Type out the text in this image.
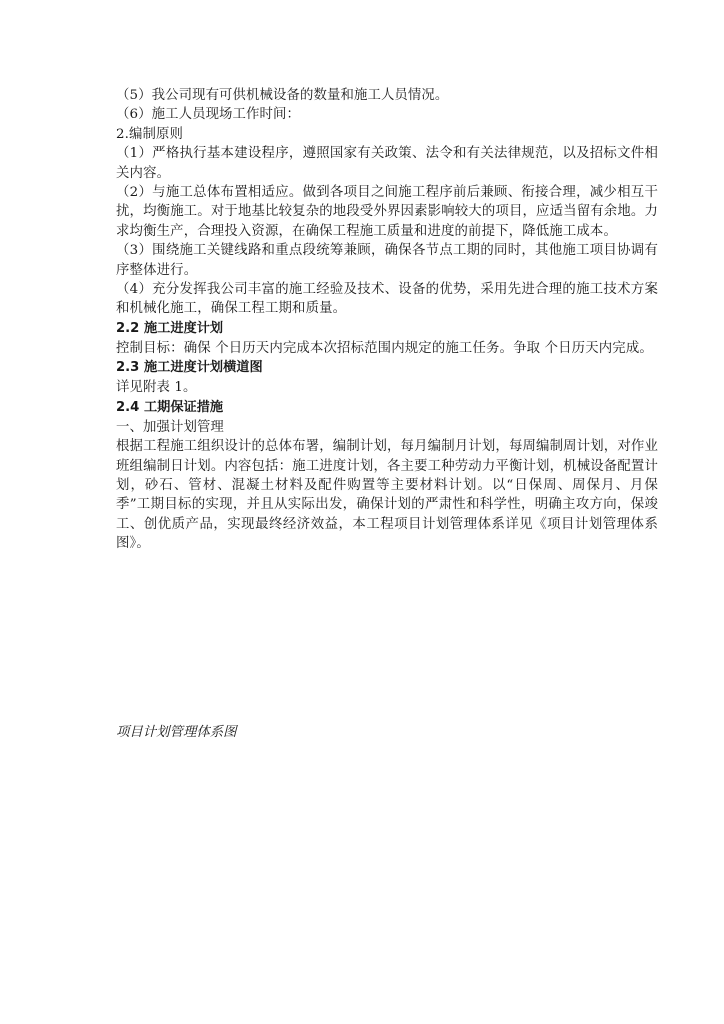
（5）我公司现有可供机械设备的数量和施工人员情况。
（6）施工人员现场工作时间：
2.编制原则
（1）严格执行基本建设程序，遵照国家有关政策、法令和有关法律规范，以及招标文件相关内容。
（2）与施工总体布置相适应。做到各项目之间施工程序前后兼顾、衔接合理，减少相互干扰，均衡施工。对于地基比较复杂的地段受外界因素影响较大的项目，应适当留有余地。力求均衡生产，合理投入资源，在确保工程施工质量和进度的前提下，降低施工成本。
（3）围绕施工关键线路和重点段统筹兼顾，确保各节点工期的同时，其他施工项目协调有序整体进行。
（4）充分发挥我公司丰富的施工经验及技术、设备的优势，采用先进合理的施工技术方案和机械化施工，确保工程工期和质量。
2.2 施工进度计划
控制目标：确保 个日历天内完成本次招标范围内规定的施工任务。争取 个日历天内完成。
2.3 施工进度计划横道图
详见附表 1。
2.4 工期保证措施
一、加强计划管理
根据工程施工组织设计的总体布署，编制计划，每月编制月计划，每周编制周计划，对作业班组编制日计划。内容包括：施工进度计划，各主要工种劳动力平衡计划，机械设备配置计划，砂石、管材、混凝土材料及配件购置等主要材料计划。以“日保周、周保月、月保季”工期目标的实现，并且从实际出发，确保计划的严肃性和科学性，明确主攻方向，保竣工、创优质产品，实现最终经济效益，本工程项目计划管理体系详见《项目计划管理体系图》。
项目计划管理体系图
